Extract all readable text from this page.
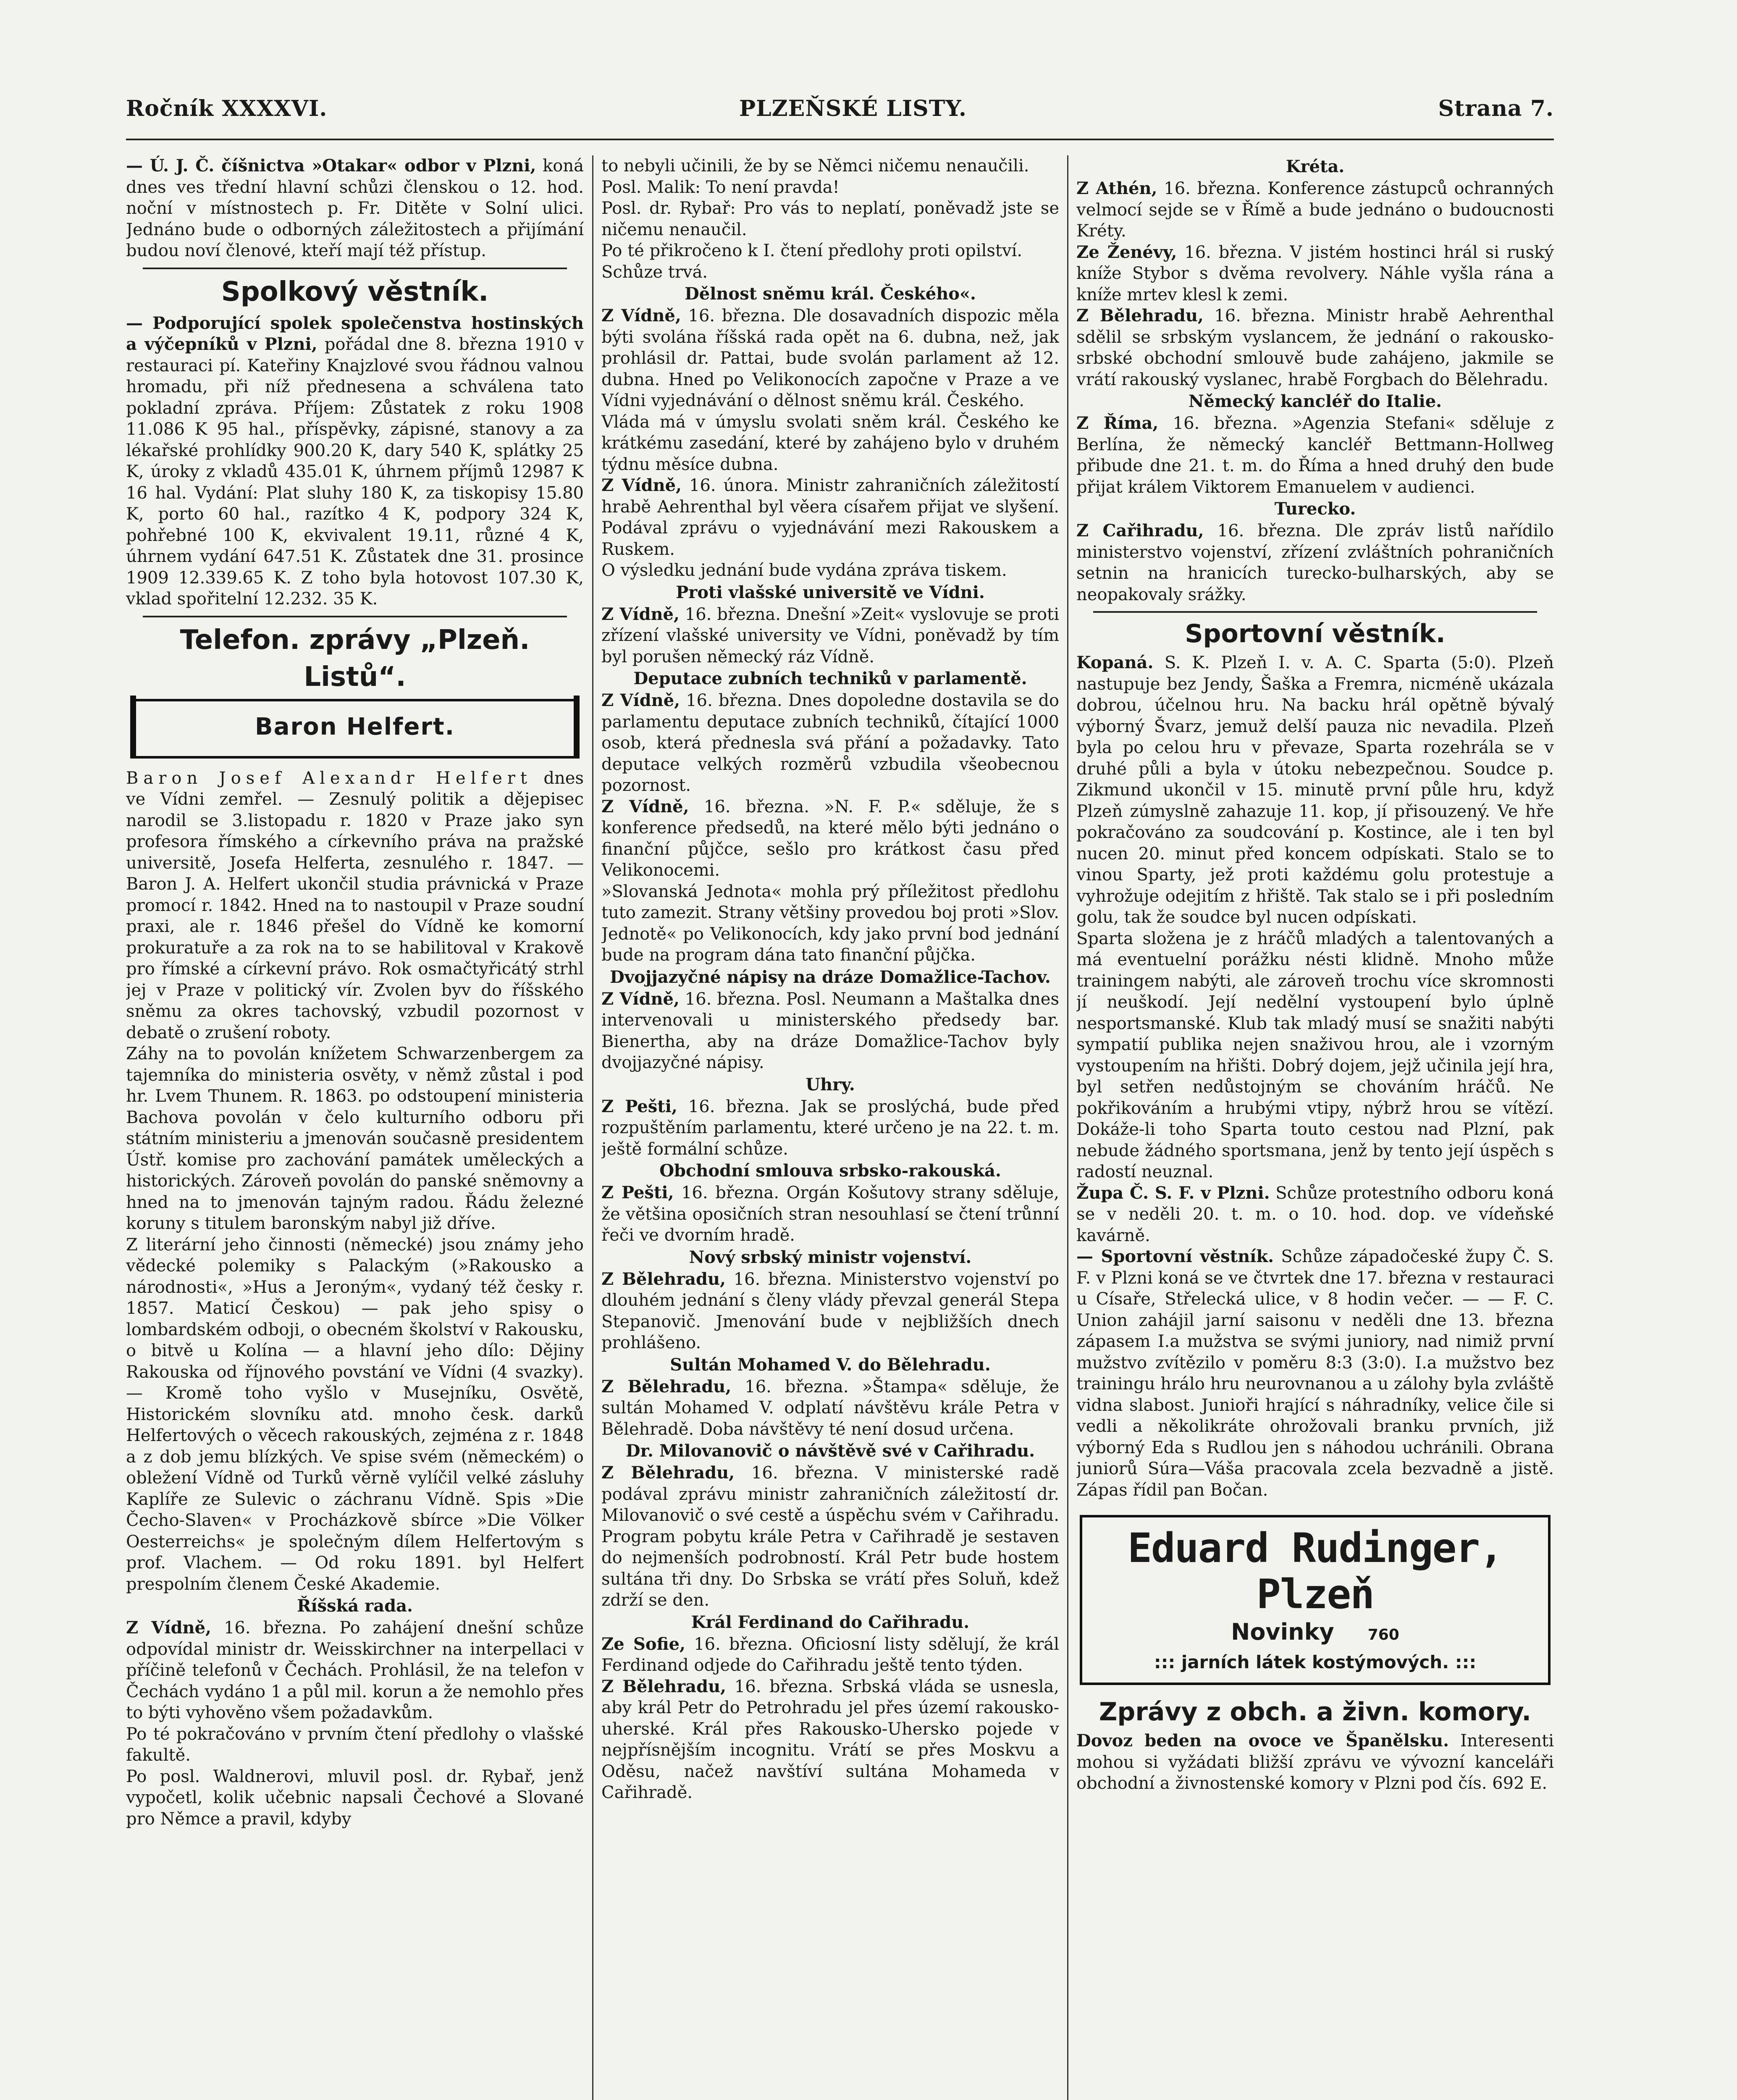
Ročník XXXXVI.	PLZEŇSKÉ LISTY.	Strana 7.

— Ú. J. Č. číšnictva »Otakar« odbor v Plzni, koná dnes ves třední hlavní schůzi členskou o 12. hod. noční v místnostech p. Fr. Ditěte v Solní ulici. Jednáno bude o odborných záležitostech a přijímání budou noví členové, kteří mají též přístup.

Spolkový věstník.

— Podporující spolek společenstva hostinských a výčepníků v Plzni, pořádal dne 8. března 1910 v restauraci pí. Kateřiny Knajzlové svou řádnou valnou hromadu, při níž přednesena a schválena tato pokladní zpráva. Příjem: Zůstatek z roku 1908 11.086 K 95 hal., příspěvky, zápisné, stanovy a za lékařské prohlídky 900.20 K, dary 540 K, splátky 25 K, úroky z vkladů 435.01 K, úhrnem příjmů 12987 K 16 hal. Vydání: Plat sluhy 180 K, za tiskopisy 15.80 K, porto 60 hal., razítko 4 K, podpory 324 K, pohřebné 100 K, ekvivalent 19.11, různé 4 K, úhrnem vydání 647.51 K. Zůstatek dne 31. prosince 1909 12.339.65 K. Z toho byla hotovost 107.30 K, vklad spořitelní 12.232. 35 K.

Telefon. zprávy „Plzeň. Listů“.
Baron Helfert.

Baron Josef Alexandr Helfert dnes ve Vídni zemřel. — Zesnulý politik a dějepisec narodil se 3.listopadu r. 1820 v Praze jako syn profesora římského a církevního práva na pražské universitě, Josefa Helferta, zesnulého r. 1847. — Baron J. A. Helfert ukončil studia právnická v Praze promocí r. 1842. Hned na to nastoupil v Praze soudní praxi, ale r. 1846 přešel do Vídně ke komorní prokuratuře a za rok na to se habilitoval v Krakově pro římské a církevní právo. Rok osmačtyřicátý strhl jej v Praze v politický vír. Zvolen byv do říšského sněmu za okres tachovský, vzbudil pozornost v debatě o zrušení roboty.

Záhy na to povolán knížetem Schwarzenbergem za tajemníka do ministeria osvěty, v němž zůstal i pod hr. Lvem Thunem. R. 1863. po odstoupení ministeria Bachova povolán v čelo kulturního odboru při státním ministeriu a jmenován současně presidentem Ústř. komise pro zachování památek uměleckých a historických. Zároveň povolán do panské sněmovny a hned na to jmenován tajným radou. Řádu železné koruny s titulem baronským nabyl již dříve.

Z literární jeho činnosti (německé) jsou známy jeho vědecké polemiky s Palackým (»Rakousko a národnosti«, »Hus a Jeroným«, vydaný též česky r. 1857. Maticí Českou) — pak jeho spisy o lombardském odboji, o obecném školství v Rakousku, o bitvě u Kolína — a hlavní jeho dílo: Dějiny Rakouska od říjnového povstání ve Vídni (4 svazky). — Kromě toho vyšlo v Musejníku, Osvětě, Historickém slovníku atd. mnoho česk. darků Helfertových o věcech rakouských, zejména z r. 1848 a z dob jemu blízkých. Ve spise svém (německém) o obležení Vídně od Turků věrně vylíčil velké zásluhy Kaplíře ze Sulevic o záchranu Vídně. Spis »Die Čecho-Slaven« v Procházkově sbírce »Die Völker Oesterreichs« je společným dílem Helfertovým s prof. Vlachem. — Od roku 1891. byl Helfert prespolním členem České Akademie.

Říšská rada.

Z Vídně, 16. března. Po zahájení dnešní schůze odpovídal ministr dr. Weisskirchner na interpellaci v příčině telefonů v Čechách. Prohlásil, že na telefon v Čechách vydáno 1 a půl mil. korun a že nemohlo přes to býti vyhověno všem požadavkům.

Po té pokračováno v prvním čtení předlohy o vlašské fakultě.

Po posl. Waldnerovi, mluvil posl. dr. Rybař, jenž vypočetl, kolik učebnic napsali Čechové a Slované pro Němce a pravil, kdyby

to nebyli učinili, že by se Němci ničemu nenaučili.

Posl. Malik: To není pravda!

Posl. dr. Rybař: Pro vás to neplatí, poněvadž jste se ničemu nenaučil.

Po té přikročeno k I. čtení předlohy proti opilství.

Schůze trvá.

Dělnost sněmu král. Českého«.

Z Vídně, 16. března. Dle dosavadních dispozic měla býti svolána říšská rada opět na 6. dubna, než, jak prohlásil dr. Pattai, bude svolán parlament až 12. dubna. Hned po Velikonocích započne v Praze a ve Vídni vyjednávání o dělnost sněmu král. Českého.

Vláda má v úmyslu svolati sněm král. Českého ke krátkému zasedání, které by zahájeno bylo v druhém týdnu měsíce dubna.

Z Vídně, 16. února. Ministr zahraničních záležitostí hrabě Aehrenthal byl věera císařem přijat ve slyšení. Podával zprávu o vyjednávání mezi Rakouskem a Ruskem.

O výsledku jednání bude vydána zpráva tiskem.

Proti vlašské universitě ve Vídni.

Z Vídně, 16. března. Dnešní »Zeit« vyslovuje se proti zřízení vlašské university ve Vídni, poněvadž by tím byl porušen německý ráz Vídně.

Deputace zubních techniků v parlamentě.

Z Vídně, 16. března. Dnes dopoledne dostavila se do parlamentu deputace zubních techniků, čítající 1000 osob, která přednesla svá přání a požadavky. Tato deputace velkých rozměrů vzbudila všeobecnou pozornost.

Z Vídně, 16. března. »N. F. P.« sděluje, že s konference předsedů, na které mělo býti jednáno o finanční půjčce, sešlo pro krátkost času před Velikonocemi.

»Slovanská Jednota« mohla prý příležitost předlohu tuto zamezit. Strany většiny provedou boj proti »Slov. Jednotě« po Velikonocích, kdy jako první bod jednání bude na program dána tato finanční půjčka.

Dvojjazyčné nápisy na dráze Domažlice-Tachov.

Z Vídně, 16. března. Posl. Neumann a Maštalka dnes intervenovali u ministerského předsedy bar. Bienertha, aby na dráze Domažlice-Tachov byly dvojjazyčné nápisy.

Uhry.

Z Pešti, 16. března. Jak se proslýchá, bude před rozpuštěním parlamentu, které určeno je na 22. t. m. ještě formální schůze.

Obchodní smlouva srbsko-rakouská.

Z Pešti, 16. března. Orgán Košutovy strany sděluje, že většina oposičních stran nesouhlasí se čtení trůnní řeči ve dvorním hradě.

Nový srbský ministr vojenství.

Z Bělehradu, 16. března. Ministerstvo vojenství po dlouhém jednání s členy vlády převzal generál Stepa Stepanovič. Jmenování bude v nejbližších dnech prohlášeno.

Sultán Mohamed V. do Bělehradu.

Z Bělehradu, 16. března. »Štampa« sděluje, že sultán Mohamed V. odplatí návštěvu krále Petra v Bělehradě. Doba návštěvy té není dosud určena.

Dr. Milovanovič o návštěvě své v Cařihradu.

Z Bělehradu, 16. března. V ministerské radě podával zprávu ministr zahraničních záležitostí dr. Milovanovič o své cestě a úspěchu svém v Cařihradu. Program pobytu krále Petra v Cařihradě je sestaven do nejmenších podrobností. Král Petr bude hostem sultána tři dny. Do Srbska se vrátí přes Soluň, kdež zdrží se den.

Král Ferdinand do Cařihradu.

Ze Sofie, 16. března. Oficiosní listy sdělují, že král Ferdinand odjede do Cařihradu ještě tento týden.

Z Bělehradu, 16. března. Srbská vláda se usnesla, aby král Petr do Petrohradu jel přes území rakousko-uherské. Král přes Rakousko-Uhersko pojede v nejpřísnějším incognitu. Vrátí se přes Moskvu a Oděsu, načež navštíví sultána Mohameda v Cařihradě.

Kréta.

Z Athén, 16. března. Konference zástupců ochranných velmocí sejde se v Římě a bude jednáno o budoucnosti Kréty.

Ze Ženévy, 16. března. V jistém hostinci hrál si ruský kníže Stybor s dvěma revolvery. Náhle vyšla rána a kníže mrtev klesl k zemi.

Z Bělehradu, 16. března. Ministr hrabě Aehrenthal sdělil se srbským vyslancem, že jednání o rakousko-srbské obchodní smlouvě bude zahájeno, jakmile se vrátí rakouský vyslanec, hrabě Forgbach do Bělehradu.

Německý kancléř do Italie.

Z Říma, 16. března. »Agenzia Stefani« sděluje z Berlína, že německý kancléř Bettmann-Hollweg přibude dne 21. t. m. do Říma a hned druhý den bude přijat králem Viktorem Emanuelem v audienci.

Turecko.

Z Cařihradu, 16. března. Dle zpráv listů nařídilo ministerstvo vojenství, zřízení zvláštních pohraničních setnin na hranicích turecko-bulharských, aby se neopakovaly srážky.

Sportovní věstník.

Kopaná. S. K. Plzeň I. v. A. C. Sparta (5:0). Plzeň nastupuje bez Jendy, Šaška a Fremra, nicméně ukázala dobrou, účelnou hru. Na backu hrál opětně bývalý výborný Švarz, jemuž delší pauza nic nevadila. Plzeň byla po celou hru v převaze, Sparta rozehrála se v druhé půli a byla v útoku nebezpečnou. Soudce p. Zikmund ukončil v 15. minutě první půle hru, když Plzeň zúmyslně zahazuje 11. kop, jí přisouzený. Ve hře pokračováno za soudcování p. Kostince, ale i ten byl nucen 20. minut před koncem odpískati. Stalo se to vinou Sparty, jež proti každému golu protestuje a vyhrožuje odejitím z hřiště. Tak stalo se i při posledním golu, tak že soudce byl nucen odpískati.

Sparta složena je z hráčů mladých a talentovaných a má eventuelní porážku nésti klidně. Mnoho může trainingem nabýti, ale zároveň trochu více skromnosti jí neuškodí. Její nedělní vystoupení bylo úplně nesportsmanské. Klub tak mladý musí se snažiti nabýti sympatií publika nejen snaživou hrou, ale i vzorným vystoupením na hřišti. Dobrý dojem, jejž učinila její hra, byl setřen nedůstojným se chováním hráčů. Ne pokřikováním a hrubými vtipy, nýbrž hrou se vítězí. Dokáže-li toho Sparta touto cestou nad Plzní, pak nebude žádného sportsmana, jenž by tento její úspěch s radostí neuznal.

Župa Č. S. F. v Plzni. Schůze protestního odboru koná se v neděli 20. t. m. o 10. hod. dop. ve vídeňské kavárně.

— Sportovní věstník. Schůze západočeské župy Č. S. F. v Plzni koná se ve čtvrtek dne 17. března v restauraci u Císaře, Střelecká ulice, v 8 hodin večer. — — F. C. Union zahájil jarní saisonu v neděli dne 13. března zápasem I.a mužstva se svými juniory, nad nimiž první mužstvo zvítězilo v poměru 8:3 (3:0). I.a mužstvo bez trainingu hrálo hru neurovnanou a u zálohy byla zvláště vidna slabost. Junioři hrající s náhradníky, velice čile si vedli a několikráte ohrožovali branku prvních, již výborný Eda s Rudlou jen s náhodou uchránili. Obrana juniorů Súra—Váša pracovala zcela bezvadně a jistě. Zápas řídil pan Bočan.

Eduard Rudinger, Plzeň
Novinky 760
::: jarních látek kostýmových. :::
Zprávy z obch. a živn. komory.

Dovoz beden na ovoce ve Španělsku. Interesenti mohou si vyžádati bližší zprávu ve vývozní kanceláři obchodní a živnostenské komory v Plzni pod čís. 692 E.
